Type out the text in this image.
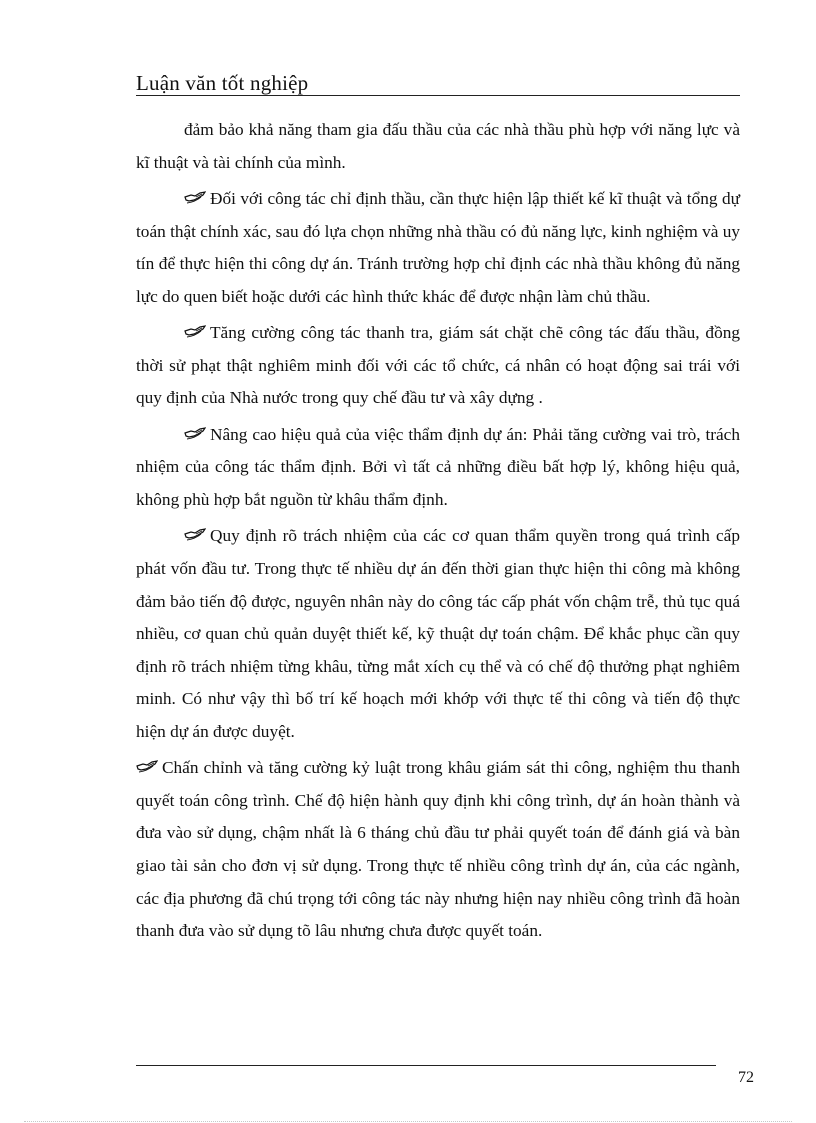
Luận văn tốt nghiệp

đảm bảo khả năng tham gia đấu thầu của các nhà thầu phù hợp với năng lực và kĩ thuật và tài chính của mình.

Đối với công tác chỉ định thầu, cần thực hiện lập thiết kế kĩ thuật và tổng dự toán thật chính xác, sau đó lựa chọn những nhà thầu có đủ năng lực, kinh nghiệm và uy tín để thực hiện thi công dự án. Tránh trường hợp chỉ định các nhà thầu không đủ năng lực do quen biết hoặc dưới các hình thức khác để được nhận làm chủ thầu.

Tăng cường công tác thanh tra, giám sát chặt chẽ công tác đấu thầu, đồng thời sử phạt thật nghiêm minh đối với các tổ chức, cá nhân có hoạt động sai trái với quy định của Nhà nước trong quy chế đầu tư và xây dựng .

Nâng cao hiệu quả của việc thẩm định dự án: Phải tăng cường vai trò, trách nhiệm của công tác thẩm định. Bởi vì tất cả những điều bất hợp lý, không hiệu quả, không phù hợp bắt nguồn từ khâu thẩm định.

Quy định rõ trách nhiệm của các cơ quan thẩm quyền trong quá trình cấp phát vốn đầu tư. Trong thực tế nhiều dự án đến thời gian thực hiện thi công mà không đảm bảo tiến độ được, nguyên nhân này do công tác cấp phát vốn chậm trễ, thủ tục quá nhiều, cơ quan chủ quản duyệt thiết kế, kỹ thuật dự toán chậm. Để khắc phục cần quy định rõ trách nhiệm từng khâu, từng mắt xích cụ thể và có chế độ thưởng phạt nghiêm minh. Có như vậy thì bố trí kế hoạch mới khớp với thực tế thi công và tiến độ thực hiện dự án được duyệt.

Chấn chỉnh và tăng cường kỷ luật trong khâu giám sát thi công, nghiệm thu thanh quyết toán công trình. Chế độ hiện hành quy định khi công trình, dự án hoàn thành và đưa vào sử dụng, chậm nhất là 6 tháng chủ đầu tư phải quyết toán để đánh giá và bàn giao tài sản cho đơn vị sử dụng. Trong thực tế nhiều công trình dự án, của các ngành, các địa phương đã chú trọng tới công tác này nhưng hiện nay nhiều công trình đã hoàn thanh đưa vào sử dụng tõ lâu nhưng chưa được quyết toán.

72
